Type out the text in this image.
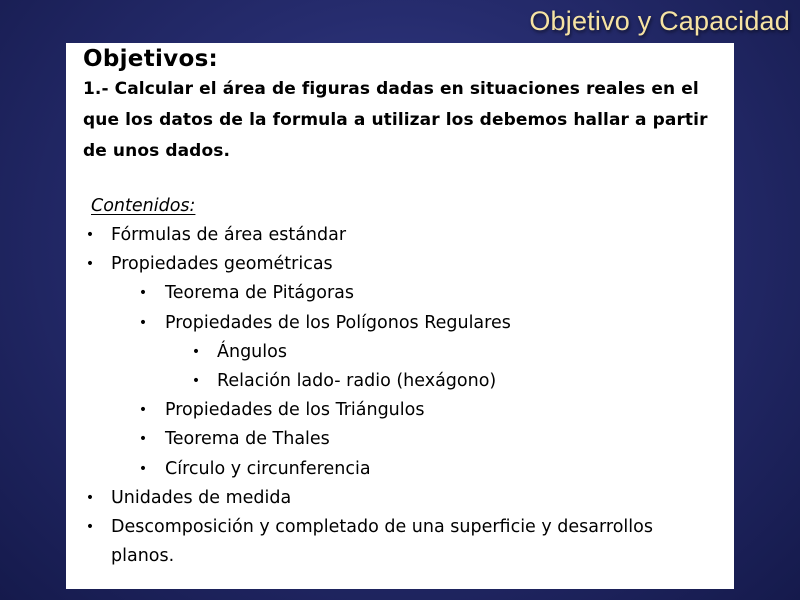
Objetivo y Capacidad
Objetivos:

1.- Calcular el área de figuras dadas en situaciones reales en el que los datos de la formula a utilizar los debemos hallar a partir de unos dados.

Contenidos:
• Fórmulas de área estándar
• Propiedades geométricas
• Teorema de Pitágoras
• Propiedades de los Polígonos Regulares
• Ángulos
• Relación lado- radio (hexágono)
• Propiedades de los Triángulos
• Teorema de Thales
• Círculo y circunferencia
• Unidades de medida
• Descomposición y completado de una superficie y desarrollos planos.
